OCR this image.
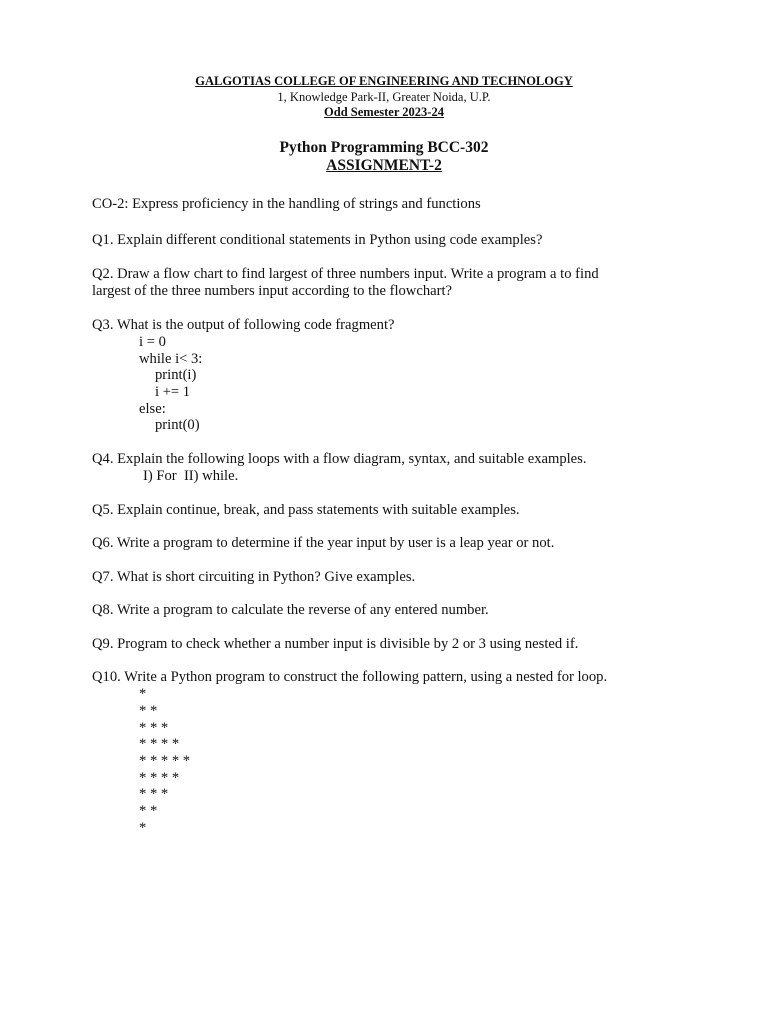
GALGOTIAS COLLEGE OF ENGINEERING AND TECHNOLOGY
1, Knowledge Park-II, Greater Noida, U.P.
Odd Semester 2023-24
Python Programming BCC-302
ASSIGNMENT-2
CO-2: Express proficiency in the handling of strings and functions
Q1. Explain different conditional statements in Python using code examples?
Q2. Draw a flow chart to find largest of three numbers input. Write a program a to find
largest of the three numbers input according to the flowchart?
Q3. What is the output of following code fragment?
i = 0
while i< 3:
print(i)
i += 1
else:
print(0)
Q4. Explain the following loops with a flow diagram, syntax, and suitable examples.
I) For  II) while.
Q5. Explain continue, break, and pass statements with suitable examples.
Q6. Write a program to determine if the year input by user is a leap year or not.
Q7. What is short circuiting in Python? Give examples.
Q8. Write a program to calculate the reverse of any entered number.
Q9. Program to check whether a number input is divisible by 2 or 3 using nested if.
Q10. Write a Python program to construct the following pattern, using a nested for loop.
*
* *
* * *
* * * *
* * * * *
* * * *
* * *
* *
*
